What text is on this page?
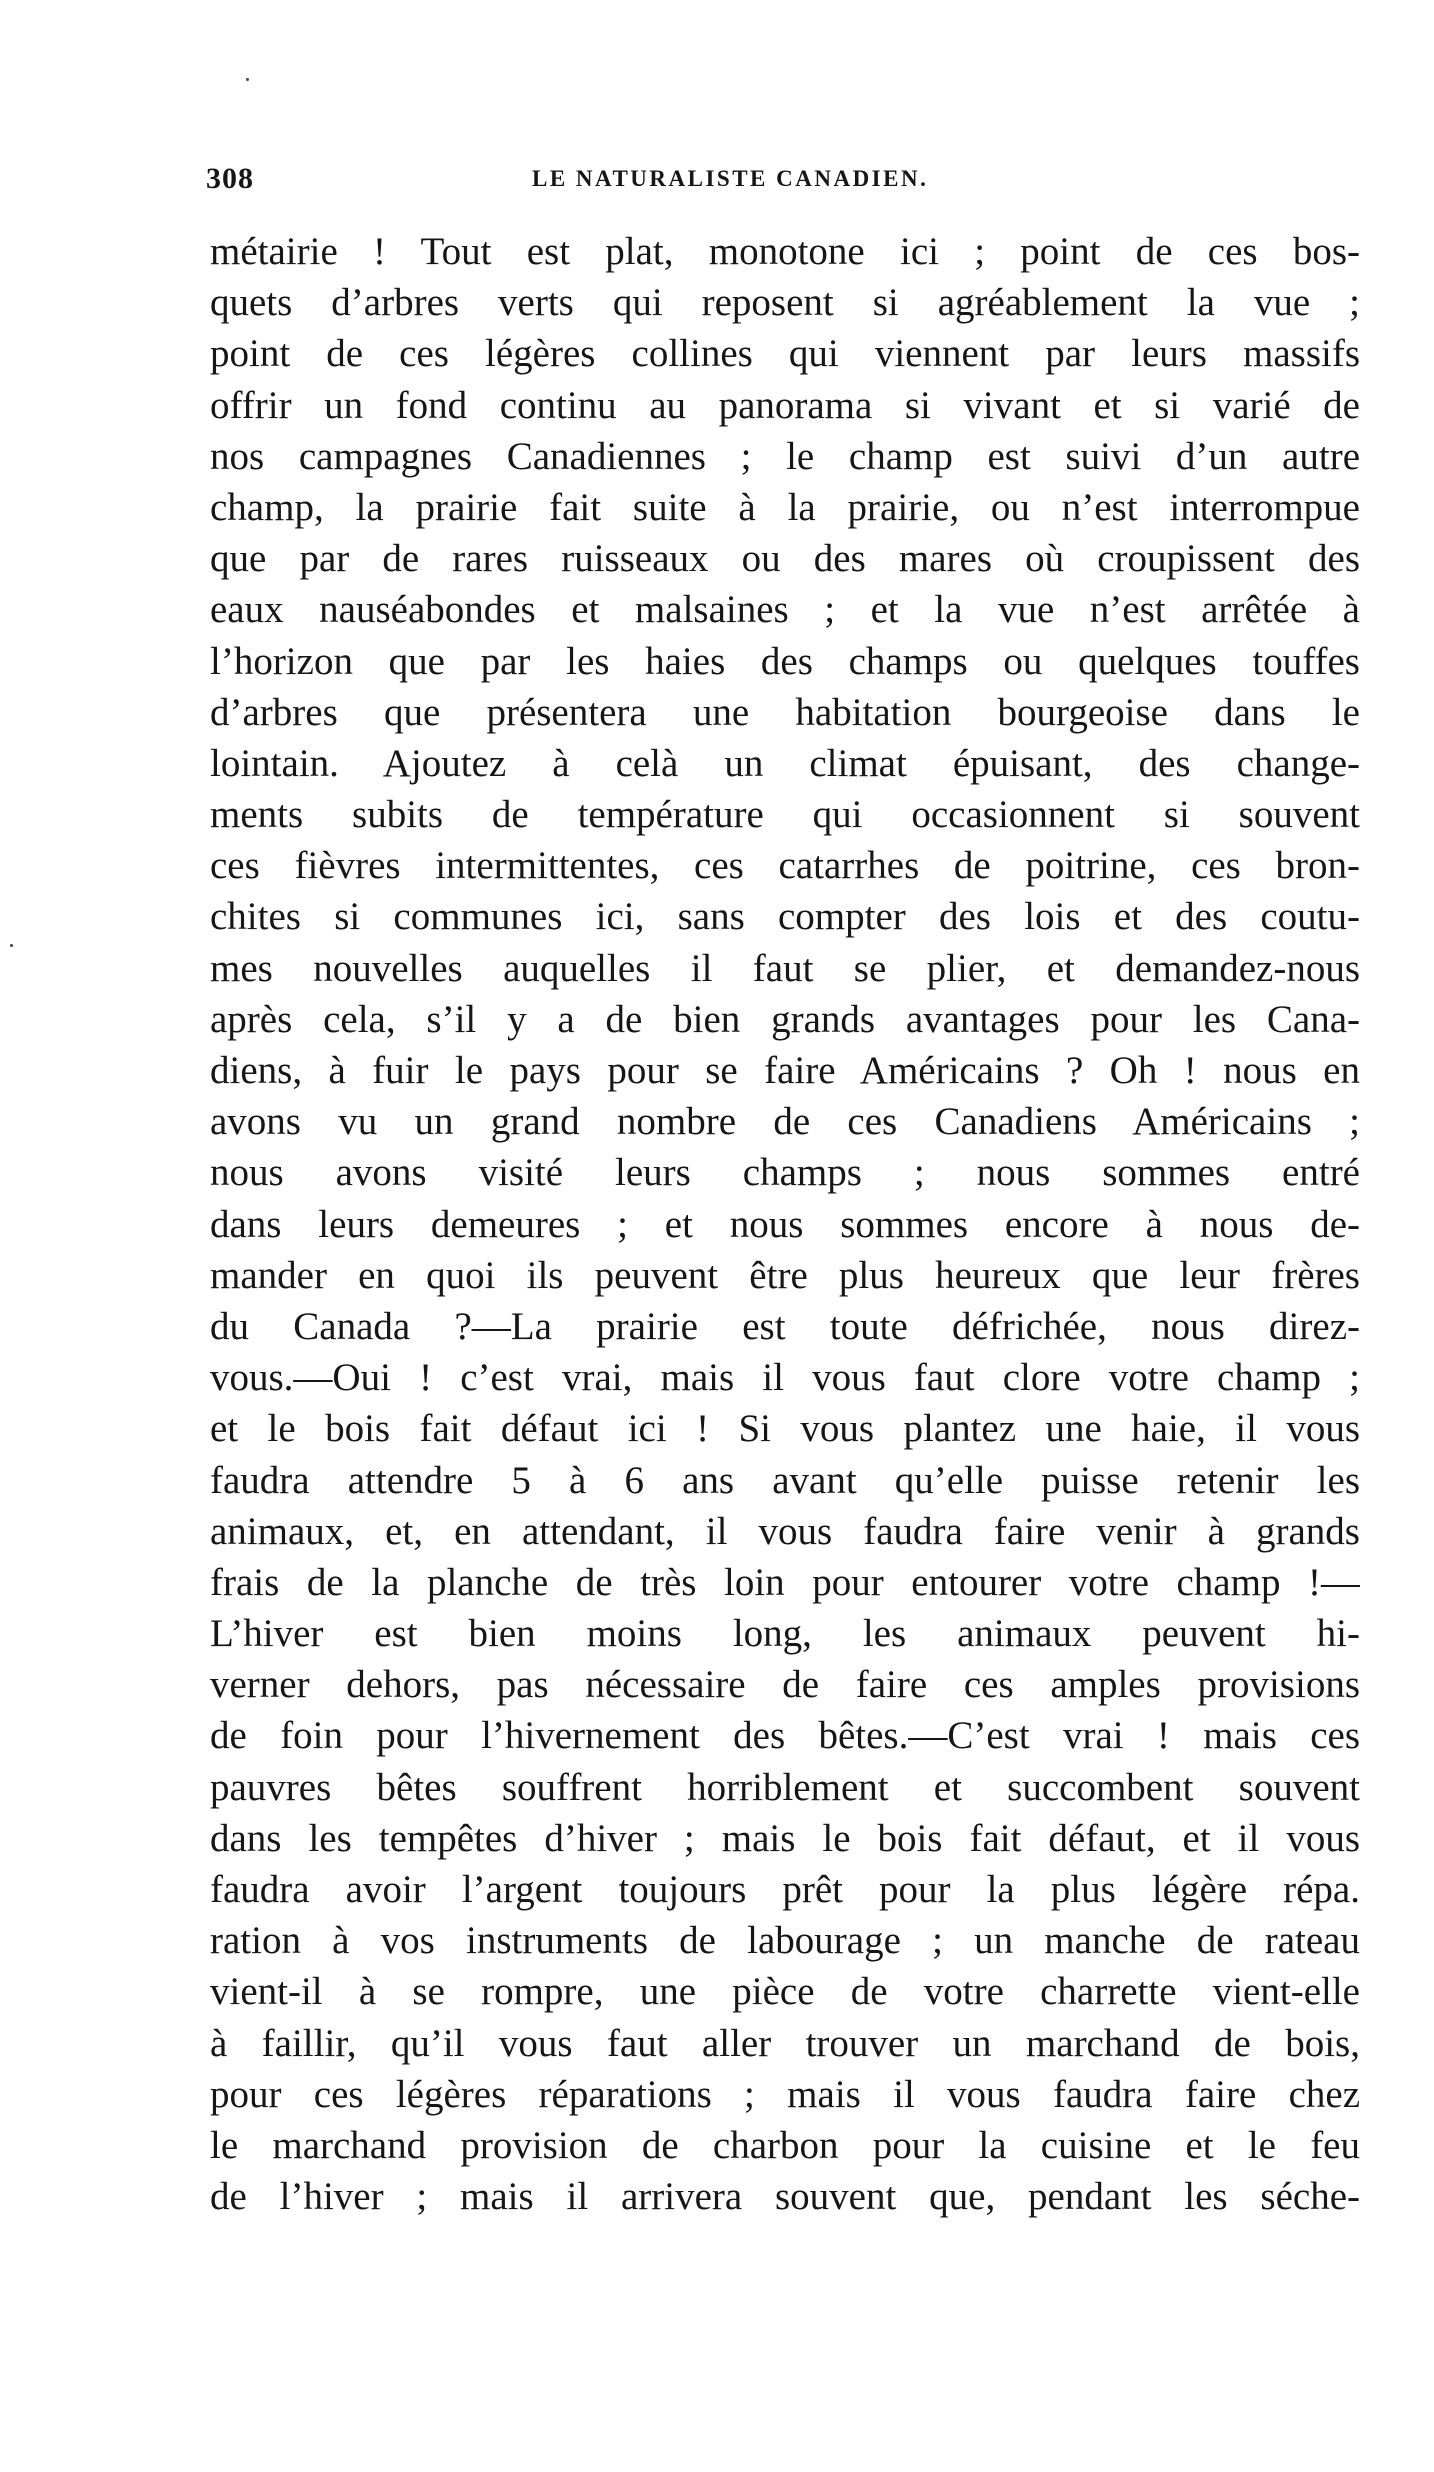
308	LE NATURALISTE CANADIEN.
métairie ! Tout est plat, monotone ici ; point de ces bos-
quets d’arbres verts qui reposent si agréablement la vue ;
point de ces légères collines qui viennent par leurs massifs
offrir un fond continu au panorama si vivant et si varié de
nos campagnes Canadiennes ; le champ est suivi d’un autre
champ, la prairie fait suite à la prairie, ou n’est interrompue
que par de rares ruisseaux ou des mares où croupissent des
eaux nauséabondes et malsaines ; et la vue n’est arrêtée à
l’horizon que par les haies des champs ou quelques touffes
d’arbres que présentera une habitation bourgeoise dans le
lointain. Ajoutez à celà un climat épuisant, des change-
ments subits de température qui occasionnent si souvent
ces fièvres intermittentes, ces catarrhes de poitrine, ces bron-
chites si communes ici, sans compter des lois et des coutu-
mes nouvelles auquelles il faut se plier, et demandez-nous
après cela, s’il y a de bien grands avantages pour les Cana-
diens, à fuir le pays pour se faire Américains ? Oh ! nous en
avons vu un grand nombre de ces Canadiens Américains ;
nous avons visité leurs champs ; nous sommes entré
dans leurs demeures ; et nous sommes encore à nous de-
mander en quoi ils peuvent être plus heureux que leur frères
du Canada ?—La prairie est toute défrichée, nous direz-
vous.—Oui ! c’est vrai, mais il vous faut clore votre champ ;
et le bois fait défaut ici ! Si vous plantez une haie, il vous
faudra attendre 5 à 6 ans avant qu’elle puisse retenir les
animaux, et, en attendant, il vous faudra faire venir à grands
frais de la planche de très loin pour entourer votre champ !—
L’hiver est bien moins long, les animaux peuvent hi-
verner dehors, pas nécessaire de faire ces amples provisions
de foin pour l’hivernement des bêtes.—C’est vrai ! mais ces
pauvres bêtes souffrent horriblement et succombent souvent
dans les tempêtes d’hiver ; mais le bois fait défaut, et il vous
faudra avoir l’argent toujours prêt pour la plus légère répa.
ration à vos instruments de labourage ; un manche de rateau
vient-il à se rompre, une pièce de votre charrette vient-elle
à faillir, qu’il vous faut aller trouver un marchand de bois,
pour ces légères réparations ; mais il vous faudra faire chez
le marchand provision de charbon pour la cuisine et le feu
de l’hiver ; mais il arrivera souvent que, pendant les séche-
